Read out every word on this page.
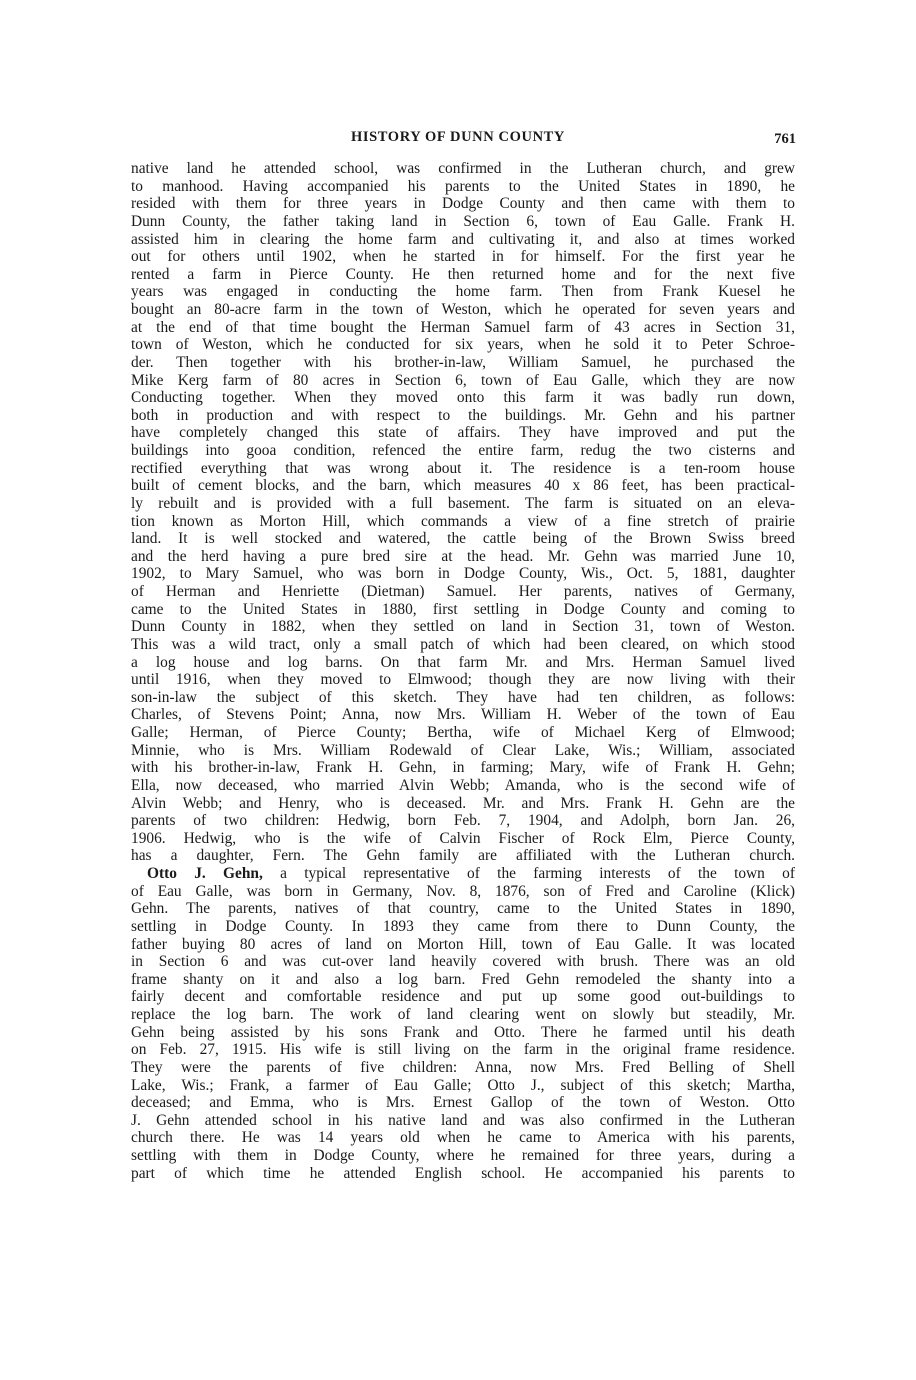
HISTORY OF DUNN COUNTY	761

native land he attended school, was confirmed in the Lutheran church, and grew
to manhood. Having accompanied his parents to the United States in 1890, he
resided with them for three years in Dodge County and then came with them to
Dunn County, the father taking land in Section 6, town of Eau Galle. Frank H.
assisted him in clearing the home farm and cultivating it, and also at times worked
out for others until 1902, when he started in for himself. For the first year he
rented a farm in Pierce County. He then returned home and for the next five
years was engaged in conducting the home farm. Then from Frank Kuesel he
bought an 80-acre farm in the town of Weston, which he operated for seven years and
at the end of that time bought the Herman Samuel farm of 43 acres in Section 31,
town of Weston, which he conducted for six years, when he sold it to Peter Schroe-
der. Then together with his brother-in-law, William Samuel, he purchased the
Mike Kerg farm of 80 acres in Section 6, town of Eau Galle, which they are now
Conducting together. When they moved onto this farm it was badly run down,
both in production and with respect to the buildings. Mr. Gehn and his partner
have completely changed this state of affairs. They have improved and put the
buildings into gooa condition, refenced the entire farm, redug the two cisterns and
rectified everything that was wrong about it. The residence is a ten-room house
built of cement blocks, and the barn, which measures 40 x 86 feet, has been practical-
ly rebuilt and is provided with a full basement. The farm is situated on an eleva-
tion known as Morton Hill, which commands a view of a fine stretch of prairie
land. It is well stocked and watered, the cattle being of the Brown Swiss breed
and the herd having a pure bred sire at the head. Mr. Gehn was married June 10,
1902, to Mary Samuel, who was born in Dodge County, Wis., Oct. 5, 1881, daughter
of Herman and Henriette (Dietman) Samuel. Her parents, natives of Germany,
came to the United States in 1880, first settling in Dodge County and coming to
Dunn County in 1882, when they settled on land in Section 31, town of Weston.
This was a wild tract, only a small patch of which had been cleared, on which stood
a log house and log barns. On that farm Mr. and Mrs. Herman Samuel lived
until 1916, when they moved to Elmwood; though they are now living with their
son-in-law the subject of this sketch. They have had ten children, as follows:
Charles, of Stevens Point; Anna, now Mrs. William H. Weber of the town of Eau
Galle; Herman, of Pierce County; Bertha, wife of Michael Kerg of Elmwood;
Minnie, who is Mrs. William Rodewald of Clear Lake, Wis.; William, associated
with his brother-in-law, Frank H. Gehn, in farming; Mary, wife of Frank H. Gehn;
Ella, now deceased, who married Alvin Webb; Amanda, who is the second wife of
Alvin Webb; and Henry, who is deceased. Mr. and Mrs. Frank H. Gehn are the
parents of two children: Hedwig, born Feb. 7, 1904, and Adolph, born Jan. 26,
1906. Hedwig, who is the wife of Calvin Fischer of Rock Elm, Pierce County,
has a daughter, Fern. The Gehn family are affiliated with the Lutheran church.

Otto J. Gehn, a typical representative of the farming interests of the town of
of Eau Galle, was born in Germany, Nov. 8, 1876, son of Fred and Caroline (Klick)
Gehn. The parents, natives of that country, came to the United States in 1890,
settling in Dodge County. In 1893 they came from there to Dunn County, the
father buying 80 acres of land on Morton Hill, town of Eau Galle. It was located
in Section 6 and was cut-over land heavily covered with brush. There was an old
frame shanty on it and also a log barn. Fred Gehn remodeled the shanty into a
fairly decent and comfortable residence and put up some good out-buildings to
replace the log barn. The work of land clearing went on slowly but steadily, Mr.
Gehn being assisted by his sons Frank and Otto. There he farmed until his death
on Feb. 27, 1915. His wife is still living on the farm in the original frame residence.
They were the parents of five children: Anna, now Mrs. Fred Belling of Shell
Lake, Wis.; Frank, a farmer of Eau Galle; Otto J., subject of this sketch; Martha,
deceased; and Emma, who is Mrs. Ernest Gallop of the town of Weston. Otto
J. Gehn attended school in his native land and was also confirmed in the Lutheran
church there. He was 14 years old when he came to America with his parents,
settling with them in Dodge County, where he remained for three years, during a
part of which time he attended English school. He accompanied his parents to
